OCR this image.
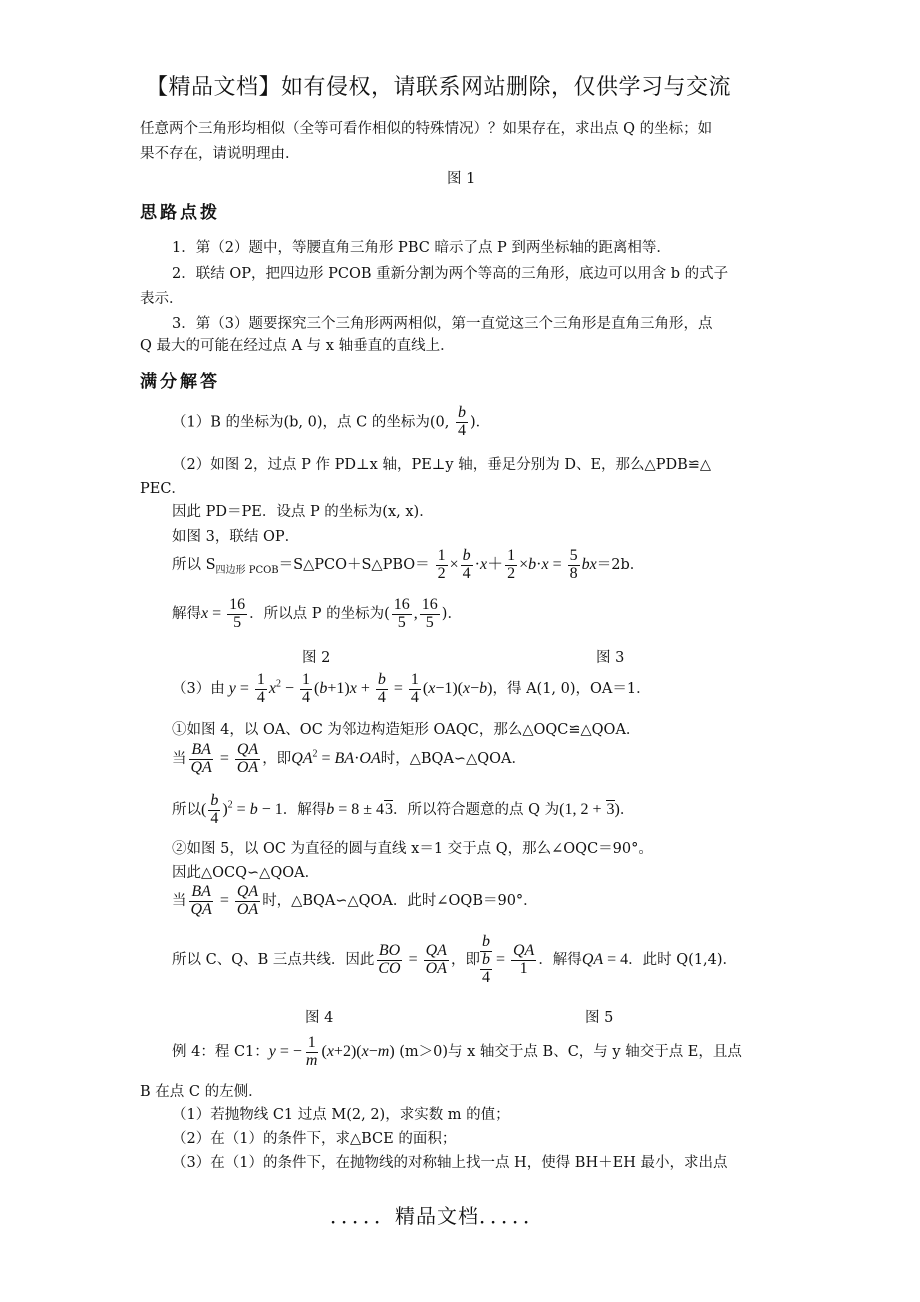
【精品文档】如有侵权，请联系网站删除，仅供学习与交流
任意两个三角形均相似（全等可看作相似的特殊情况）？如果存在，求出点 Q 的坐标；如
果不存在，请说明理由．
图 1
思路点拨
1．第（2）题中，等腰直角三角形 PBC 暗示了点 P 到两坐标轴的距离相等．
2．联结 OP，把四边形 PCOB 重新分割为两个等高的三角形，底边可以用含 b 的式子
表示．
3．第（3）题要探究三个三角形两两相似，第一直觉这三个三角形是直角三角形，点
Q 最大的可能在经过点 A 与 x 轴垂直的直线上．
满分解答
（1）B 的坐标为(b, 0)，点 C 的坐标为(0, $\frac{b}{4}$ )．
（2）如图 2，过点 P 作 PD⊥x 轴，PE⊥y 轴，垂足分别为 D、E，那么△PDB≌△
PEC．
因此 PD＝PE．设点 P 的坐标为(x, x)．
如图 3，联结 OP．
所以 $S_{四边形 PCOB}=S\triangle PCO+S\triangle PBO= \frac{1}{2} \times \frac{b}{4} \cdot x+ \frac{1}{2} \times b\cdot x = \frac{5}{8} bx=2b$．
解得$x = \frac{16}{5}$ ．所以点 P 的坐标为( $\frac{16}{5}$ , $\frac{16}{5}$ )．
图 2	图 3
（3）由 $y = \frac{1}{4} x^2 - \frac{1}{4} (b+1)x + \frac{b}{4} = \frac{1}{4} (x-1)(x-b)$，得 A(1, 0)，OA＝1．
①如图 4，以 OA、OC 为邻边构造矩形 OAQC，那么△OQC≌△QOA．
当 $\frac{BA}{QA} = \frac{QA}{OA}$ ，即$QA^2 = BA\cdot OA$时，△BQA∽△QOA．
所以( $\frac{b}{4} )^2 = b - 1$．解得b = 8 ± 43．所以符合题意的点 Q 为(1, 2 + 3)．
②如图 5，以 OC 为直径的圆与直线 x＝1 交于点 Q，那么∠OQC＝90°。
因此△OCQ∽△QOA．
当 $\frac{BA}{QA} = \frac{QA}{OA}$ 时，△BQA∽△QOA．此时∠OQB＝90°．
所以 C、Q、B 三点共线．因此 $\frac{BO}{CO} = \frac{QA}{OA}$ ，即 $\frac{b}{\frac{b}{4}} = \frac{QA}{1}$ ．解得QA = 4．此时 Q(1,4)．
图 4	图 5
例 4：程 C1：y = − $\frac{1}{m} (x+2)(x-m)$ (m＞0)与 x 轴交于点 B、C，与 y 轴交于点 E，且点
B 在点 C 的左侧．
（1）若抛物线 C1 过点 M(2, 2)，求实数 m 的值；
（2）在（1）的条件下，求△BCE 的面积；
（3）在（1）的条件下，在抛物线的对称轴上找一点 H，使得 BH＋EH 最小，求出点
．．．．．精品文档．．．．．
